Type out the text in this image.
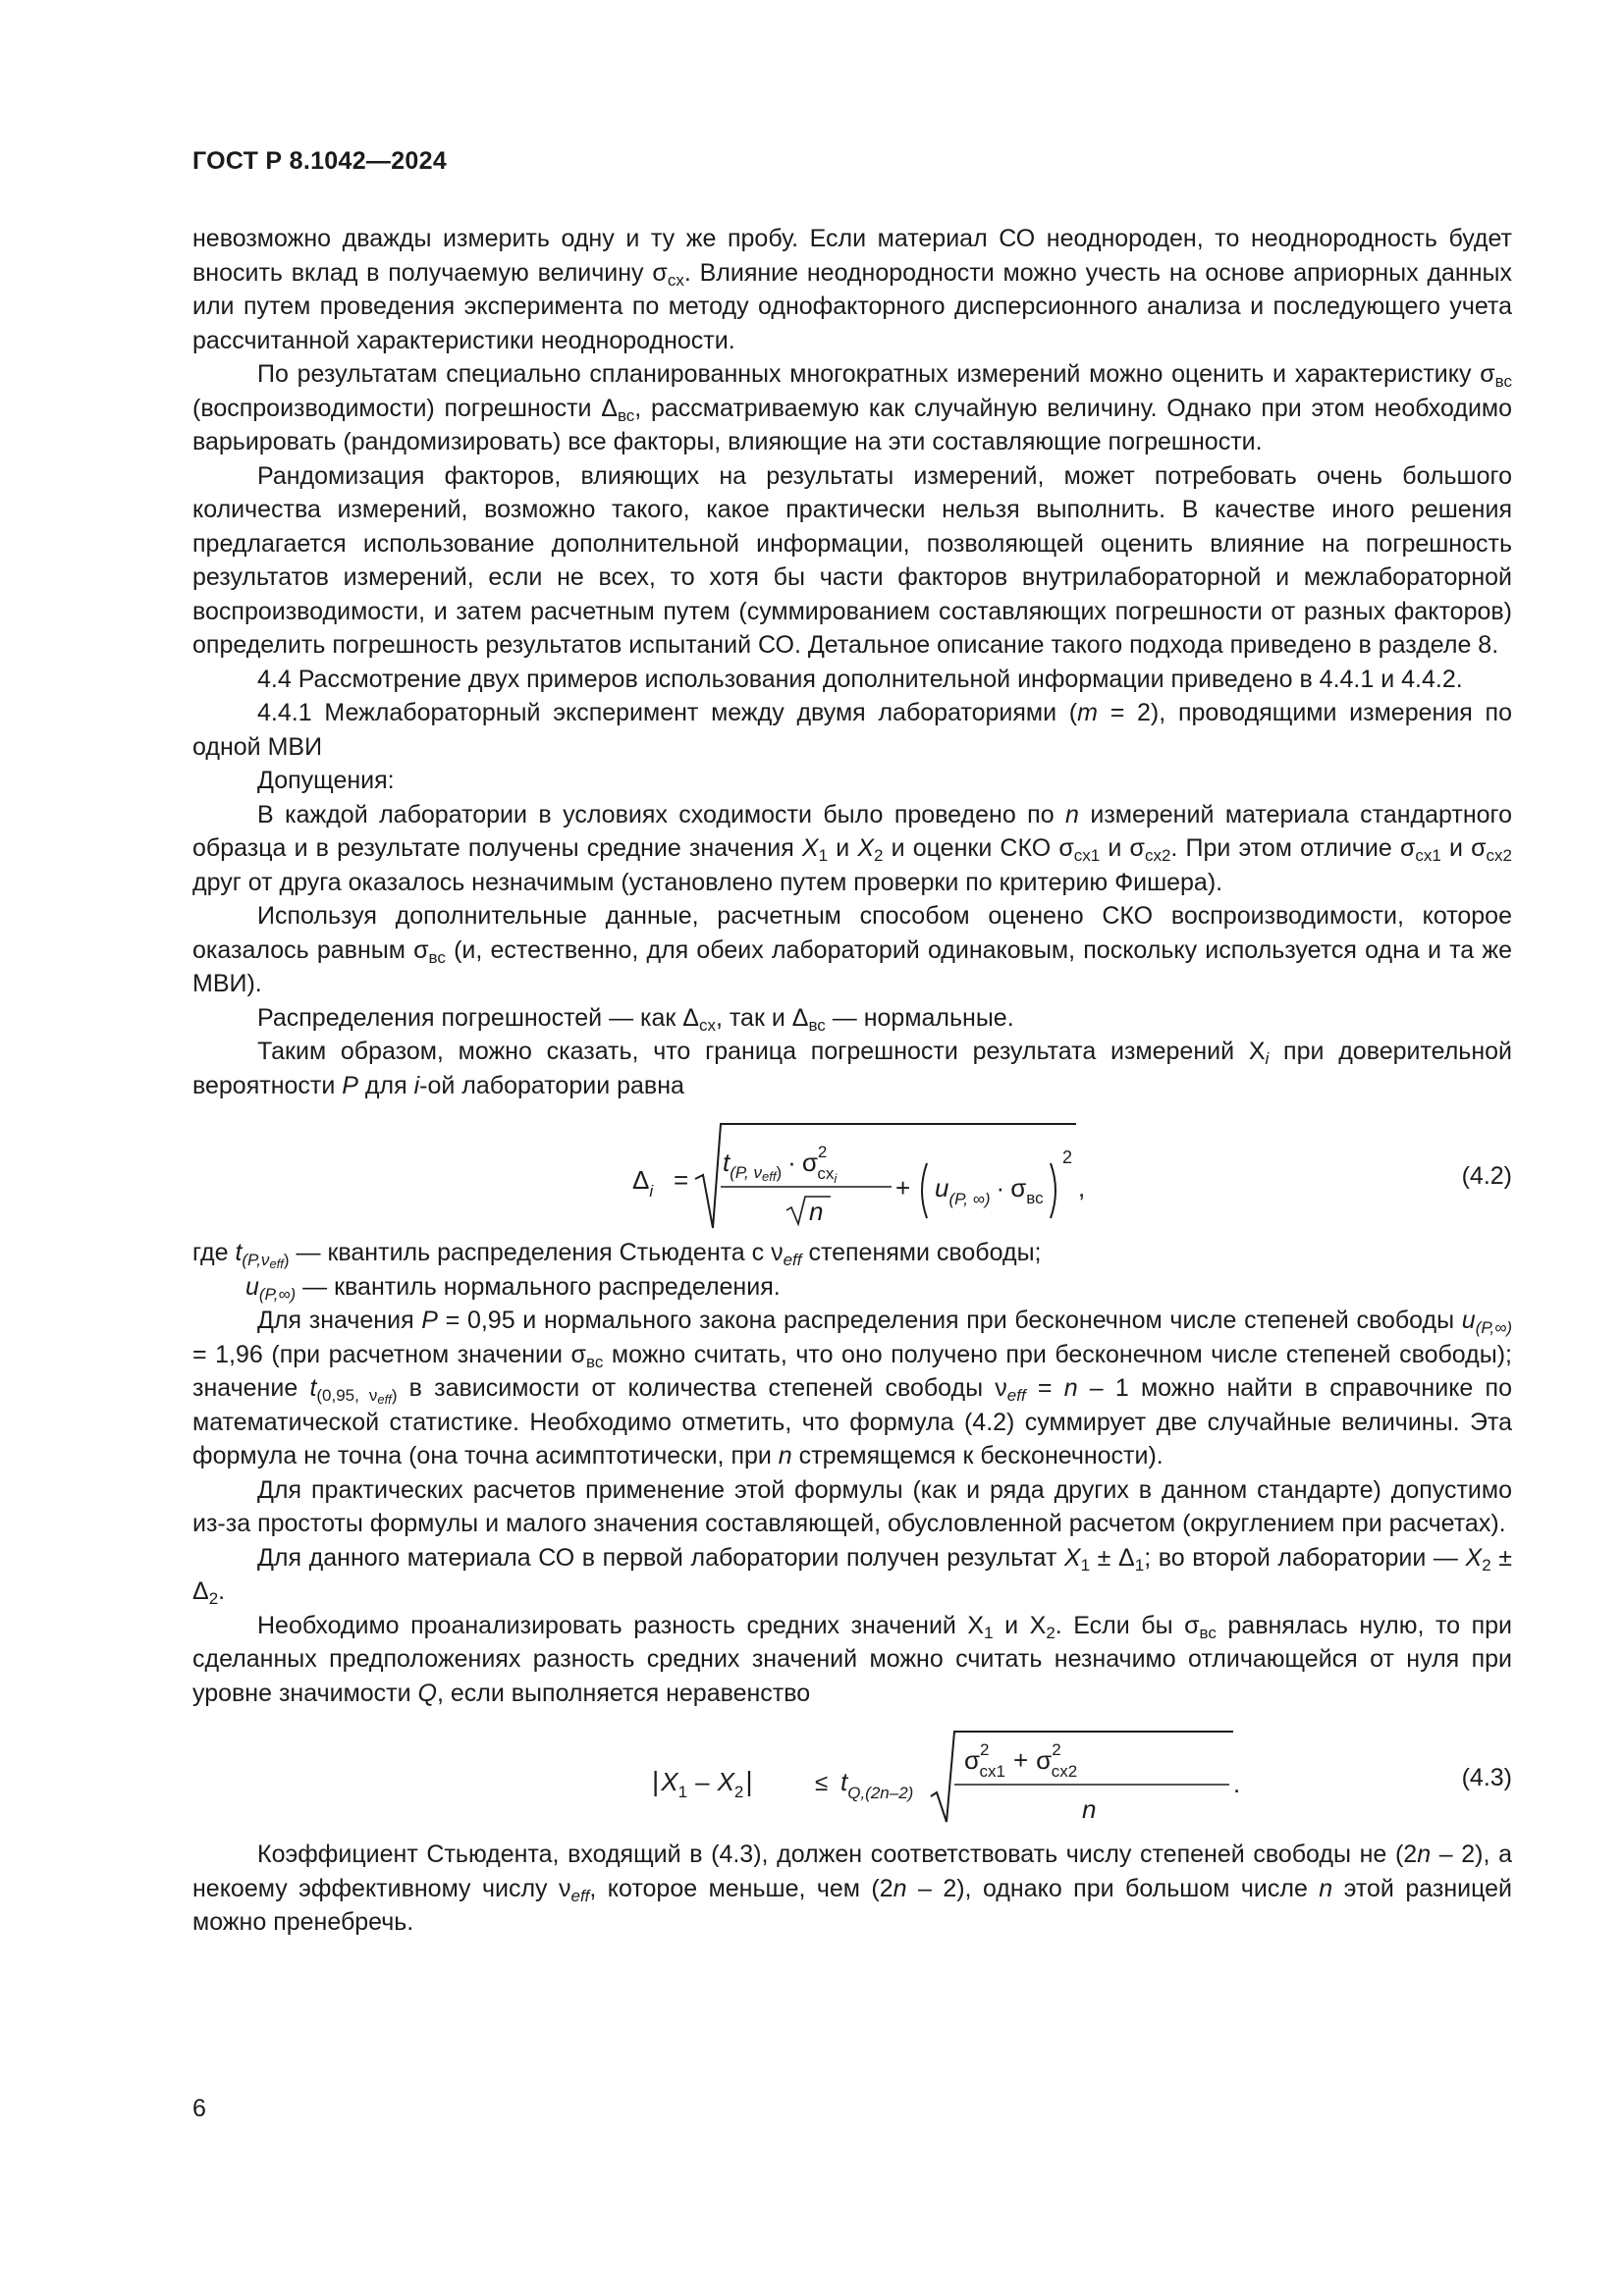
ГОСТ Р 8.1042—2024

невозможно дважды измерить одну и ту же пробу. Если материал СО неоднороден, то неоднородность будет вносить вклад в получаемую величину $\sigma_{сх}$. Влияние неоднородности можно учесть на основе априорных данных или путем проведения эксперимента по методу однофакторного дисперсионного анализа и последующего учета рассчитанной характеристики неоднородности.

По результатам специально спланированных многократных измерений можно оценить и характеристику $\sigma_{вс}$ (воспроизводимости) погрешности $\Delta_{вс}$, рассматриваемую как случайную величину. Однако при этом необходимо варьировать (рандомизировать) все факторы, влияющие на эти составляющие погрешности.

Рандомизация факторов, влияющих на результаты измерений, может потребовать очень большого количества измерений, возможно такого, какое практически нельзя выполнить. В качестве иного решения предлагается использование дополнительной информации, позволяющей оценить влияние на погрешность результатов измерений, если не всех, то хотя бы части факторов внутрилабораторной и межлабораторной воспроизводимости, и затем расчетным путем (суммированием составляющих погрешности от разных факторов) определить погрешность результатов испытаний СО. Детальное описание такого подхода приведено в разделе 8.

4.4 Рассмотрение двух примеров использования дополнительной информации приведено в 4.4.1 и 4.4.2.

4.4.1 Межлабораторный эксперимент между двумя лабораториями (m = 2), проводящими измерения по одной МВИ

Допущения:

В каждой лаборатории в условиях сходимости было проведено по n измерений материала стандартного образца и в результате получены средние значения $X_1$ и $X_2$ и оценки СКО $\sigma_{сх1}$ и $\sigma_{сх2}$. При этом отличие $\sigma_{сх1}$ и $\sigma_{сх2}$ друг от друга оказалось незначимым (установлено путем проверки по критерию Фишера).

Используя дополнительные данные, расчетным способом оценено СКО воспроизводимости, которое оказалось равным $\sigma_{вс}$ (и, естественно, для обеих лабораторий одинаковым, поскольку используется одна и та же МВИ).

Распределения погрешностей — как $\Delta_{сх}$, так и $\Delta_{вс}$ — нормальные.

Таким образом, можно сказать, что граница погрешности результата измерений $X_i$ при доверительной вероятности P для i-ой лаборатории равна

$\Delta_i$ =
$t_{(P, \nu}eff) \cdot \sigma^2$ схi
n
+ $u_{(P, \infty)} \cdot \sigma_{вс}$
2
,	(4.2)

где $t_{(P,\nu_{eff})}$ — квантиль распределения Стьюдента с $\nu_{eff}$ степенями свободы;

$u_{(P,\infty)}$ — квантиль нормального распределения.

Для значения P = 0,95 и нормального закона распределения при бесконечном числе степеней свободы $u_{(P,\infty)} = 1,96$ (при расчетном значении $\sigma_{вс}$ можно считать, что оно получено при бесконечном числе степеней свободы); значение $t_{(0,95, \nu_{eff})}$ в зависимости от количества степеней свободы $\nu_{eff} = n - 1$ можно найти в справочнике по математической статистике. Необходимо отметить, что формула (4.2) суммирует две случайные величины. Эта формула не точна (она точна асимптотически, при n стремящемся к бесконечности).

Для практических расчетов применение этой формулы (как и ряда других в данном стандарте) допустимо из-за простоты формулы и малого значения составляющей, обусловленной расчетом (округлением при расчетах).

Для данного материала СО в первой лаборатории получен результат $X_1 \pm \Delta_1$; во второй лаборатории — $X_2 \pm \Delta_2$.

Необходимо проанализировать разность средних значений $X_1$ и $X_2$. Если бы $\sigma_{вс}$ равнялась нулю, то при сделанных предположениях разность средних значений можно считать незначимо отличающейся от нуля при уровне значимости Q, если выполняется неравенство

$|X_1 - X_2|$	≤ $t_{Q,(2n-2)}$
$\sigma^2$ $сх1 + \sigma^2$ сх2
n
.	(4.3)

Коэффициент Стьюдента, входящий в (4.3), должен соответствовать числу степеней свободы не (2n – 2), а некоему эффективному числу $\nu_{eff}$, которое меньше, чем (2n – 2), однако при большом числе n этой разницей можно пренебречь.

6
